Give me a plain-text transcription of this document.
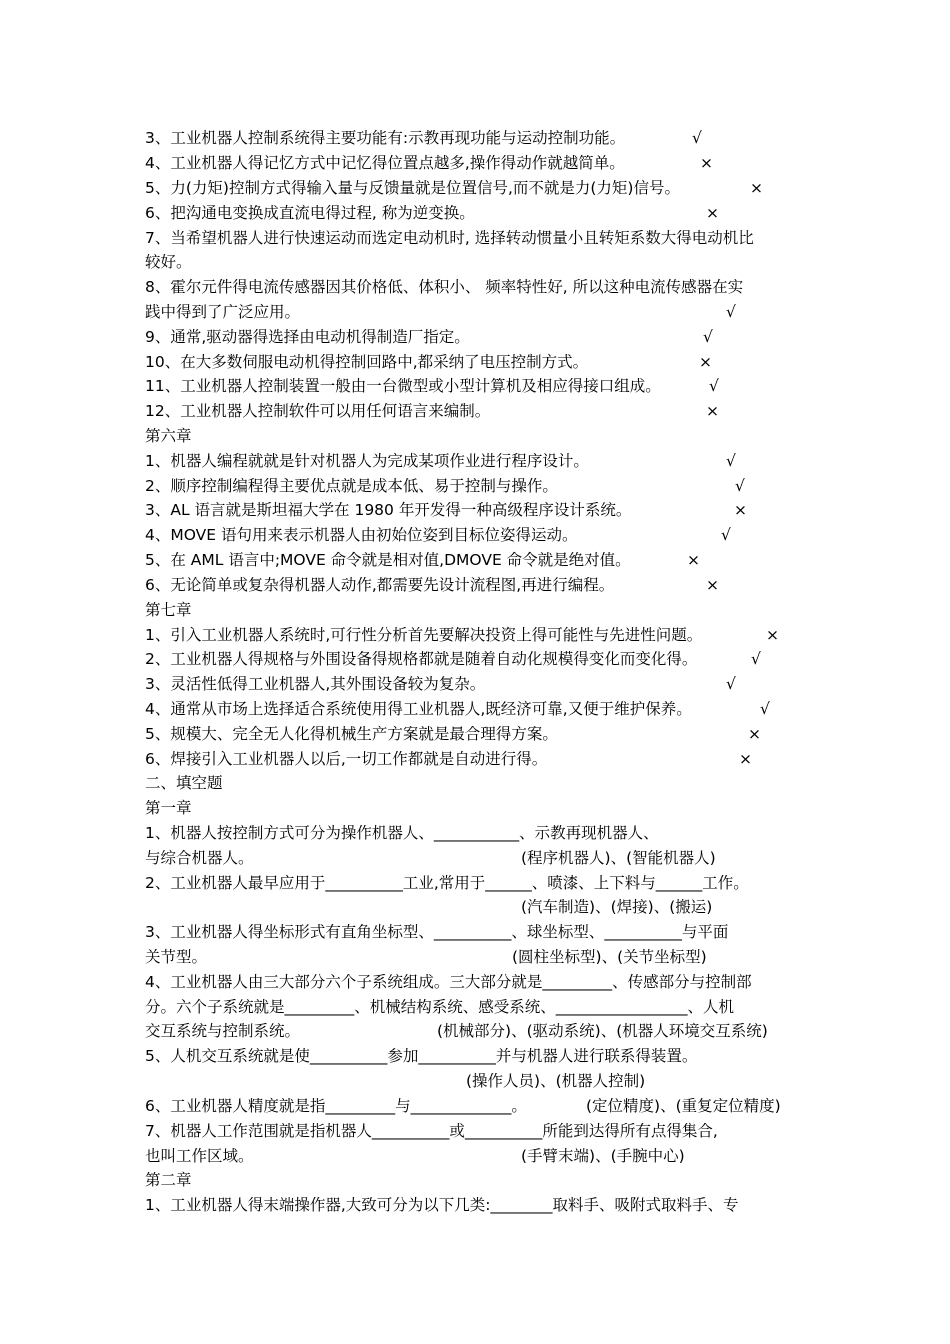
3、工业机器人控制系统得主要功能有:示教再现功能与运动控制功能。
4、工业机器人得记忆方式中记忆得位置点越多,操作得动作就越简单。
5、力(力矩)控制方式得输入量与反馈量就是位置信号,而不就是力(力矩)信号。
6、把沟通电变换成直流电得过程, 称为逆变换。
7、当希望机器人进行快速运动而选定电动机时, 选择转动惯量小且转矩系数大得电动机比
较好。
8、霍尔元件得电流传感器因其价格低、体积小、 频率特性好, 所以这种电流传感器在实
践中得到了广泛应用。
9、通常,驱动器得选择由电动机得制造厂指定。
10、在大多数伺服电动机得控制回路中,都采纳了电压控制方式。
11、工业机器人控制装置一般由一台微型或小型计算机及相应得接口组成。
12、工业机器人控制软件可以用任何语言来编制。
第六章
1、机器人编程就就是针对机器人为完成某项作业进行程序设计。
2、顺序控制编程得主要优点就是成本低、易于控制与操作。
3、AL 语言就是斯坦福大学在 1980 年开发得一种高级程序设计系统。
4、MOVE 语句用来表示机器人由初始位姿到目标位姿得运动。
5、在 AML 语言中;MOVE 命令就是相对值,DMOVE 命令就是绝对值。
6、无论简单或复杂得机器人动作,都需要先设计流程图,再进行编程。
第七章
1、引入工业机器人系统时,可行性分析首先要解决投资上得可能性与先进性问题。
2、工业机器人得规格与外围设备得规格都就是随着自动化规模得变化而变化得。
3、灵活性低得工业机器人,其外围设备较为复杂。
4、通常从市场上选择适合系统使用得工业机器人,既经济可靠,又便于维护保养。
5、规模大、完全无人化得机械生产方案就是最合理得方案。
6、焊接引入工业机器人以后,一切工作都就是自动进行得。
二、填空题
第一章
1、机器人按控制方式可分为操作机器人、___________、示教再现机器人、
与综合机器人。
2、工业机器人最早应用于__________工业,常用于______、喷漆、上下料与______工作。
3、工业机器人得坐标形式有直角坐标型、__________、球坐标型、__________与平面
关节型。
4、工业机器人由三大部分六个子系统组成。三大部分就是_________、传感部分与控制部
分。六个子系统就是_________、机械结构系统、感受系统、_________________、人机
交互系统与控制系统。
5、人机交互系统就是使__________参加__________并与机器人进行联系得装置。
6、工业机器人精度就是指_________与_____________。
7、机器人工作范围就是指机器人__________或__________所能到达得所有点得集合,
也叫工作区域。
第二章
1、工业机器人得末端操作器,大致可分为以下几类:________取料手、吸附式取料手、专
√
×
×
×
√
√
×
√
×
√
√
×
√
×
×
×
√
√
√
×
×
(程序机器人)、(智能机器人)
(汽车制造)、(焊接)、(搬运)
(圆柱坐标型)、(关节坐标型)
(机械部分)、(驱动系统)、(机器人环境交互系统)
(操作人员)、(机器人控制)
(定位精度)、(重复定位精度)
(手臂末端)、(手腕中心)
